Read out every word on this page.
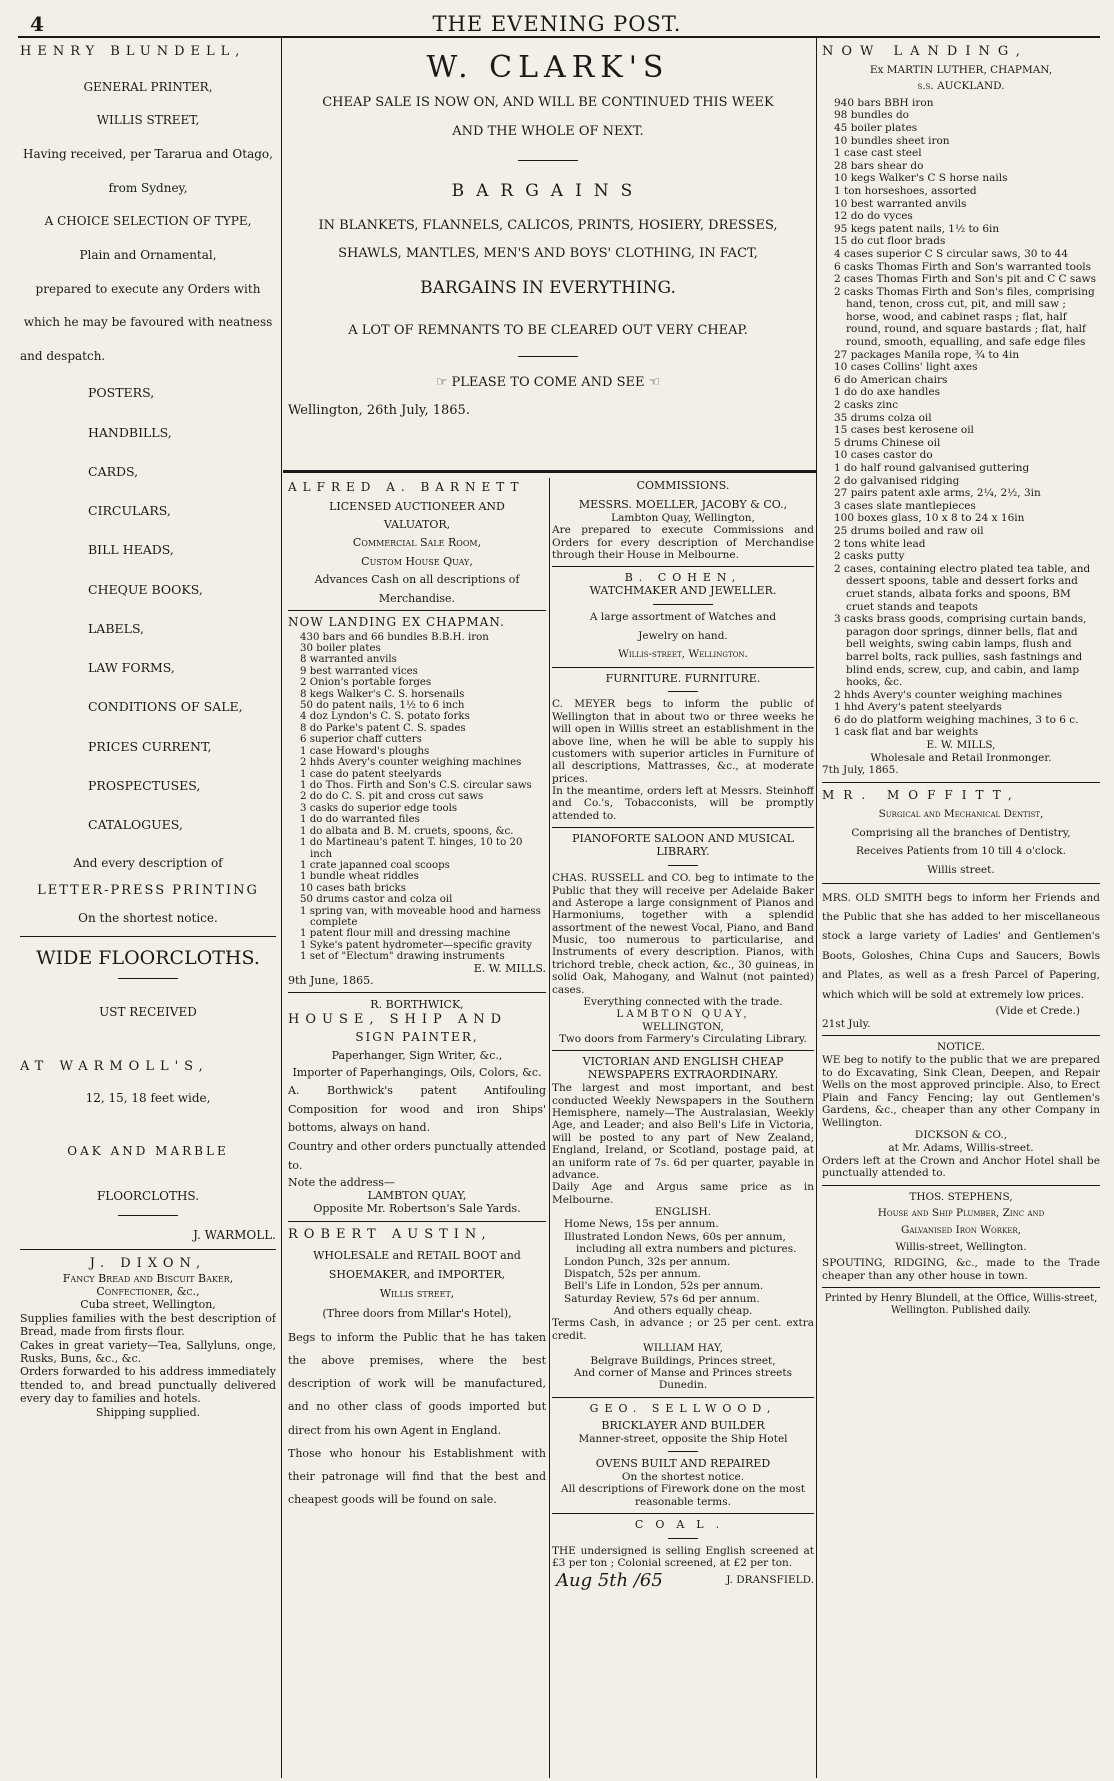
4	THE EVENING POST.
HENRY BLUNDELL,
GENERAL PRINTER,
WILLIS STREET,
Having received, per Tararua and Otago,
from Sydney,
A CHOICE SELECTION OF TYPE,
Plain and Ornamental,
prepared to execute any Orders with
which he may be favoured with neatness
and despatch.
POSTERS,
HANDBILLS,
CARDS,
CIRCULARS,
BILL HEADS,
CHEQUE BOOKS,
LABELS,
LAW FORMS,
CONDITIONS OF SALE,
PRICES CURRENT,
PROSPECTUSES,
CATALOGUES,
And every description of
LETTER-PRESS PRINTING
On the shortest notice.
WIDE FLOORCLOTHS.
UST RECEIVED
AT WARMOLL'S,
12, 15, 18 feet wide,
OAK AND MARBLE
FLOORCLOTHS.
J. WARMOLL.
J. DIXON,
Fancy Bread and Biscuit Baker,
Confectioner, &c.,
Cuba street, Wellington,
Supplies families with the best description of Bread, made from firsts flour.
Cakes in great variety—Tea, Sallyluns, onge, Rusks, Buns, &c., &c.
Orders forwarded to his address immediately ttended to, and bread punctually delivered every day to families and hotels.
Shipping supplied.
W. CLARK'S
CHEAP SALE IS NOW ON, AND WILL BE CONTINUED THIS WEEK
AND THE WHOLE OF NEXT.
BARGAINS
IN BLANKETS, FLANNELS, CALICOS, PRINTS, HOSIERY, DRESSES,
SHAWLS, MANTLES, MEN'S AND BOYS' CLOTHING, IN FACT,
BARGAINS IN EVERYTHING.
A LOT OF REMNANTS TO BE CLEARED OUT VERY CHEAP.
☞ PLEASE TO COME AND SEE ☜
Wellington, 26th July, 1865.
ALFRED A. BARNETT
LICENSED AUCTIONEER AND
VALUATOR,
Commercial Sale Room,
Custom House Quay,
Advances Cash on all descriptions of
Merchandise.
NOW LANDING EX CHAPMAN.
430 bars and 66 bundles B.B.H. iron
30 boiler plates
8 warranted anvils
9 best warranted vices
2 Onion's portable forges
8 kegs Walker's C. S. horsenails
50 do patent nails, 1½ to 6 inch
4 doz Lyndon's C. S. potato forks
8 do Parke's patent C. S. spades
6 superior chaff cutters
1 case Howard's ploughs
2 hhds Avery's counter weighing machines
1 case do patent steelyards
1 do Thos. Firth and Son's C.S. circular saws
2 do do C. S. pit and cross cut saws
3 casks do superior edge tools
1 do do warranted files
1 do albata and B. M. cruets, spoons, &c.
1 do Martineau's patent T. hinges, 10 to 20 inch
1 crate japanned coal scoops
1 bundle wheat riddles
10 cases bath bricks
50 drums castor and colza oil
1 spring van, with moveable hood and harness complete
1 patent flour mill and dressing machine
1 Syke's patent hydrometer—specific gravity
1 set of "Electum" drawing instruments
E. W. MILLS.
9th June, 1865.
R. BORTHWICK,
HOUSE, SHIP AND
SIGN PAINTER,
Paperhanger, Sign Writer, &c.,
Importer of Paperhangings, Oils, Colors, &c.
A. Borthwick's patent Antifouling Composition for wood and iron Ships' bottoms, always on hand.
Country and other orders punctually attended to.
Note the address—
LAMBTON QUAY,
Opposite Mr. Robertson's Sale Yards.
ROBERT AUSTIN,
WHOLESALE and RETAIL BOOT and
SHOEMAKER, and IMPORTER,
Willis street,
(Three doors from Millar's Hotel),
Begs to inform the Public that he has taken the above premises, where the best description of work will be manufactured, and no other class of goods imported but direct from his own Agent in England.
Those who honour his Establishment with their patronage will find that the best and cheapest goods will be found on sale.
COMMISSIONS.
MESSRS. MOELLER, JACOBY & CO.,
Lambton Quay, Wellington,
Are prepared to execute Commissions and Orders for every description of Merchandise through their House in Melbourne.
B. COHEN,
WATCHMAKER AND JEWELLER.
A large assortment of Watches and
Jewelry on hand.
Willis-street, Wellington.
FURNITURE. FURNITURE.
C. MEYER begs to inform the public of Wellington that in about two or three weeks he will open in Willis street an establishment in the above line, when he will be able to supply his customers with superior articles in Furniture of all descriptions, Mattrasses, &c., at moderate prices.
In the meantime, orders left at Messrs. Steinhoff and Co.'s, Tobacconists, will be promptly attended to.
PIANOFORTE SALOON AND MUSICAL LIBRARY.
CHAS. RUSSELL and CO. beg to intimate to the Public that they will receive per Adelaide Baker and Asterope a large consignment of Pianos and Harmoniums, together with a splendid assortment of the newest Vocal, Piano, and Band Music, too numerous to particularise, and Instruments of every description. Pianos, with trichord treble, check action, &c., 30 guineas, in solid Oak, Mahogany, and Walnut (not painted) cases.
Everything connected with the trade.
LAMBTON QUAY,
WELLINGTON,
Two doors from Farmery's Circulating Library.
VICTORIAN AND ENGLISH CHEAP NEWSPAPERS EXTRAORDINARY.
The largest and most important, and best conducted Weekly Newspapers in the Southern Hemisphere, namely—The Australasian, Weekly Age, and Leader; and also Bell's Life in Victoria, will be posted to any part of New Zealand, England, Ireland, or Scotland, postage paid, at an uniform rate of 7s. 6d per quarter, payable in advance.
Daily Age and Argus same price as in Melbourne.
ENGLISH.
Home News, 15s per annum.
Illustrated London News, 60s per annum, including all extra numbers and pictures.
London Punch, 32s per annum.
Dispatch, 52s per annum.
Bell's Life in London, 52s per annum.
Saturday Review, 57s 6d per annum.
And others equally cheap.
Terms Cash, in advance ; or 25 per cent. extra credit.
WILLIAM HAY,
Belgrave Buildings, Princes street,
And corner of Manse and Princes streets
Dunedin.
GEO. SELLWOOD,
BRICKLAYER AND BUILDER
Manner-street, opposite the Ship Hotel
OVENS BUILT AND REPAIRED
On the shortest notice.
All descriptions of Firework done on the most reasonable terms.
COAL.
THE undersigned is selling English screened at £3 per ton ; Colonial screened, at £2 per ton.
Aug 5th /65	J. DRANSFIELD.
NOW LANDING,
Ex MARTIN LUTHER, CHAPMAN,
s.s. AUCKLAND.
940 bars BBH iron
98 bundles do
45 boiler plates
10 bundles sheet iron
1 case cast steel
28 bars shear do
10 kegs Walker's C S horse nails
1 ton horseshoes, assorted
10 best warranted anvils
12 do do vyces
95 kegs patent nails, 1½ to 6in
15 do cut floor brads
4 cases superior C S circular saws, 30 to 44
6 casks Thomas Firth and Son's warranted tools
2 cases Thomas Firth and Son's pit and C C saws
2 casks Thomas Firth and Son's files, comprising hand, tenon, cross cut, pit, and mill saw ; horse, wood, and cabinet rasps ; flat, half round, round, and square bastards ; flat, half round, smooth, equalling, and safe edge files
27 packages Manila rope, ¾ to 4in
10 cases Collins' light axes
6 do American chairs
1 do do axe handles
2 casks zinc
35 drums colza oil
15 cases best kerosene oil
5 drums Chinese oil
10 cases castor do
1 do half round galvanised guttering
2 do galvanised ridging
27 pairs patent axle arms, 2¼, 2½, 3in
3 cases slate mantlepieces
100 boxes glass, 10 x 8 to 24 x 16in
25 drums boiled and raw oil
2 tons white lead
2 casks putty
2 cases, containing electro plated tea table, and dessert spoons, table and dessert forks and cruet stands, albata forks and spoons, BM cruet stands and teapots
3 casks brass goods, comprising curtain bands, paragon door springs, dinner bells, flat and bell weights, swing cabin lamps, flush and barrel bolts, rack pullies, sash fastnings and blind ends, screw, cup, and cabin, and lamp hooks, &c.
2 hhds Avery's counter weighing machines
1 hhd Avery's patent steelyards
6 do do platform weighing machines, 3 to 6 c.
1 cask flat and bar weights
E. W. MILLS,
Wholesale and Retail Ironmonger.
7th July, 1865.
MR. MOFFITT,
Surgical and Mechanical Dentist,
Comprising all the branches of Dentistry,
Receives Patients from 10 till 4 o'clock.
Willis street.
MRS. OLD SMITH begs to inform her Friends and the Public that she has added to her miscellaneous stock a large variety of Ladies' and Gentlemen's Boots, Goloshes, China Cups and Saucers, Bowls and Plates, as well as a fresh Parcel of Papering, which which will be sold at extremely low prices.
(Vide et Crede.)
21st July.
NOTICE.
WE beg to notify to the public that we are prepared to do Excavating, Sink Clean, Deepen, and Repair Wells on the most approved principle. Also, to Erect Plain and Fancy Fencing; lay out Gentlemen's Gardens, &c., cheaper than any other Company in Wellington.
DICKSON & CO.,
at Mr. Adams, Willis-street.
Orders left at the Crown and Anchor Hotel shall be punctually attended to.
THOS. STEPHENS,
House and Ship Plumber, Zinc and
Galvanised Iron Worker,
Willis-street, Wellington.
SPOUTING, RIDGING, &c., made to the Trade cheaper than any other house in town.
Printed by Henry Blundell, at the Office, Willis-street, Wellington. Published daily.
